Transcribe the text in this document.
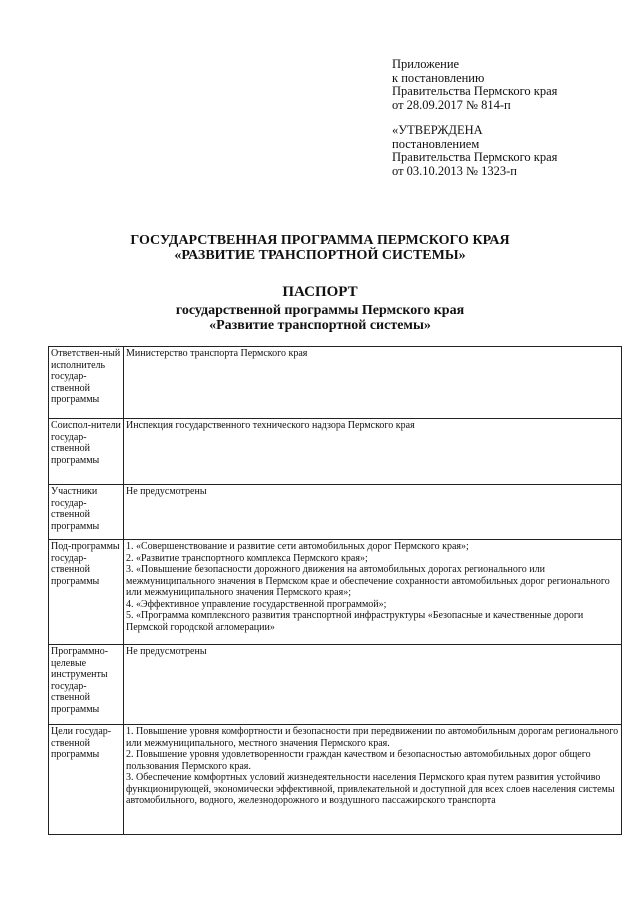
Приложение
к постановлению
Правительства Пермского края
от 28.09.2017 № 814-п
«УТВЕРЖДЕНА
постановлением
Правительства Пермского края
от 03.10.2013 № 1323-п
ГОСУДАРСТВЕННАЯ ПРОГРАММА ПЕРМСКОГО КРАЯ
«РАЗВИТИЕ ТРАНСПОРТНОЙ СИСТЕМЫ»
ПАСПОРТ
государственной программы Пермского края
«Развитие транспортной системы»
Ответствен-ный исполнитель государ-ственной программы	Министерство транспорта Пермского края

Соиспол-нители государ-ственной программы	Инспекция государственного технического надзора Пермского края

Участники государ-ственной программы	Не предусмотрены

Под-программы государ-ственной программы	1. «Совершенствование и развитие сети автомобильных дорог Пермского края»;
2. «Развитие транспортного комплекса Пермского края»;
3. «Повышение безопасности дорожного движения на автомобильных дорогах регионального или межмуниципального значения в Пермском крае и обеспечение сохранности автомобильных дорог регионального или межмуниципального значения Пермского края»;
4. «Эффективное управление государственной программой»;
5. «Программа комплексного развития транспортной инфраструктуры «Безопасные и качественные дороги Пермской городской агломерации»

Программно-целевые инструменты государ-ственной программы	Не предусмотрены

Цели государ-ственной программы	1. Повышение уровня комфортности и безопасности при передвижении по автомобильным дорогам регионального или межмуниципального, местного значения Пермского края.
2. Повышение уровня удовлетворенности граждан качеством и безопасностью автомобильных дорог общего пользования Пермского края.
3. Обеспечение комфортных условий жизнедеятельности населения Пермского края путем развития устойчиво функционирующей, экономически эффективной, привлекательной и доступной для всех слоев населения системы автомобильного, водного, железнодорожного и воздушного пассажирского транспорта
